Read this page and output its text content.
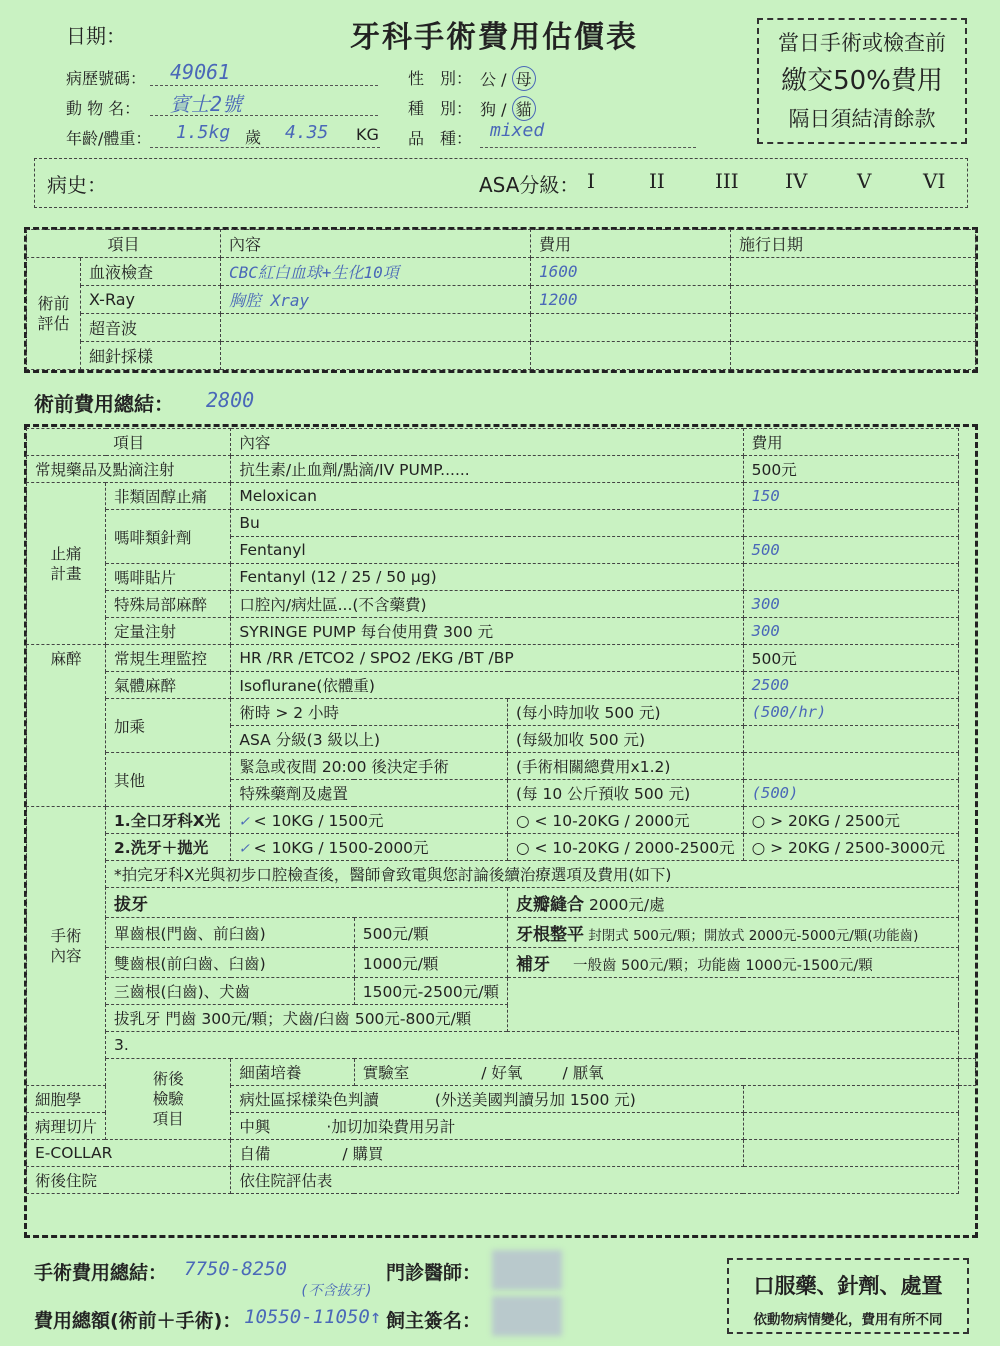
日期：	牙科手術費用估價表	當日手術或檢查前
繳交50%費用
隔日須結清餘款
病歷號碼：	49061
動 物 名：	賓士2號
年齡/體重： 1.5kg 歲 4.35 KG
性　別： 公 / 母
種　別： 狗 / 貓
品　種： mixed
病史：	ASA分級： I	II	III IV V	VI
項目		內容	費用	施行日期
術前
評估	血液檢查	CBC紅白血球+生化10項	1600	
	X-Ray	胸腔 Xray	1200	
	超音波			
	細針採樣			
術前費用總結： 2800
項目		內容			費用	
常規藥品及點滴注射		抗生素/止血劑/點滴/IV PUMP......			500元	
止痛
計畫	非類固醇止痛	Meloxican			150	
	嗎啡類針劑	Bu				
		Fentanyl			500	
	嗎啡貼片	Fentanyl (12 / 25 / 50 µg)				
	特殊局部麻醉	口腔內/病灶區...(不含藥費)			300	
	定量注射	SYRINGE PUMP 每台使用費 300 元			300	
麻醉	常規生理監控	HR /RR /ETCO2 / SPO2 /EKG /BT /BP			500元	
	氣體麻醉	Isoflurane(依體重)			2500	
	加乘	術時 > 2 小時		(每小時加收 500 元)	(500/hr)	
		ASA 分級(3 級以上)		(每級加收 500 元)		
	其他	緊急或夜間 20:00 後決定手術		(手術相關總費用x1.2)		
		特殊藥劑及處置		(每 10 公斤預收 500 元)	(500)	
手術
內容	1.全口牙科X光	✓ < 10KG / 1500元		○ < 10-20KG / 2000元	○ > 20KG / 2500元	
	2.洗牙＋拋光	✓ < 10KG / 1500-2000元		○ < 10-20KG / 2000-2500元	○ > 20KG / 2500-3000元	
	*拍完牙科X光與初步口腔檢查後，醫師會致電與您討論後續治療選項及費用(如下)					
	拔牙			皮瓣縫合 2000元/處		
	單齒根(門齒、前臼齒)		500元/顆	牙根整平 封閉式 500元/顆；開放式 2000元-5000元/顆(功能齒)		
	雙齒根(前臼齒、臼齒)		1000元/顆	補牙 一般齒 500元/顆；功能齒 1000元-1500元/顆		
	三齒根(臼齒)、犬齒		1500元-2500元/顆			
	拔乳牙 門齒 300元/顆；犬齒/臼齒 500元-800元/顆					
	3.					
	術後
檢驗
項目	細菌培養	實驗室 / 好氧 / 厭氧			
細胞學		病灶區採樣染色判讀 (外送美國判讀另加 1500 元)				
病理切片		中興 ‧加切加染費用另計				
E-COLLAR		自備 / 購買				
術後住院		依住院評估表				
手術費用總結： 7750-8250
費用總額(術前＋手術)：
(不含拔牙)
10550-11050↑
門診醫師：
飼主簽名：
口服藥、針劑、處置
依動物病情變化，費用有所不同
